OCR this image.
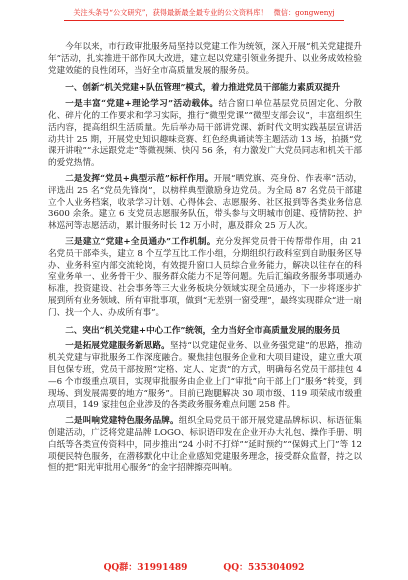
关注头条号“公文研究”，获得最新最全最专业的公文资料库！ 微信：gongwenyj

今年以来，市行政审批服务局坚持以党建工作为统领，深入开展“机关党建提升年”活动，扎实推进干部作风大改进，建立起以党建引领业务提升、以业务成效检验党建效能的良性闭环，当好全市高质量发展的服务员。

一、创新“机关党建+队伍管理”模式，着力推进党员干部能力素质双提升

一是丰富“党建+理论学习”活动载体。结合窗口单位基层党员固定化、分散化、碎片化的工作要求和学习实际，推行“微型党课”“微型支部会议”，丰富组织生活内容，提高组织生活质量。先后举办局干部讲党课、新时代文明实践基层宣讲活动共计 25 期，开展党史知识趣味竞赛、红色经典诵读等主题活动 13 场，拍摄“党课开讲啦”“永远跟党走”等微视频、快闪 56 条，有力激发广大党员同志和机关干部的爱党热情。

二是发挥“党员+典型示范”标杆作用。开展“晒党旗、亮身份、作表率”活动，评选出 25 名“党员先锋岗”，以榜样典型激励身边党员。为全局 87 名党员干部建立个人业务档案，收录学习计划、心得体会、志愿服务、社区报到等各类业务信息 3600 余条。建立 6 支党员志愿服务队伍，带头参与文明城市创建、疫情防控、护林巡河等志愿活动，累计服务时长 12 万小时，惠及群众 25 万人次。

三是建立“党建+全员通办”工作机制。充分发挥党员骨干传帮带作用，由 21 名党员干部牵头，建立 8 个互学互比工作小组，分期组织行政科室到自助服务区导办、业务科室内部交流轮岗，有效提升窗口人员综合业务能力，解决以往存在的科室业务单一、业务骨干少、服务群众能力不足等问题。先后汇编政务服务事项通办标准，投资建设、社会事务等三大业务板块分领域实现全员通办，下一步将逐步扩展到所有业务领域、所有审批事项，做到“无差别一窗受理”，最终实现群众“进一扇门、找一个人、办成所有事”。

二、突出“机关党建+中心工作”统领，全力当好全市高质量发展的服务员

一是拓展党建服务新思路。坚持“以党建促业务、以业务强党建”的思路，推动机关党建与审批服务工作深度融合。聚焦挂包服务企业和大项目建设，建立重大项目包保专班，党员干部按照“定格、定人、定责”的方式，明确每名党员干部挂包 4—6 个市级重点项目，实现审批服务由企业上门“审批”向干部上门“服务”转变，到现场、到发展需要的地方“服务”。目前已跑腿解决 30 项市级、119 项荣成市级重点项目，149 家挂包企业涉及的各类政务服务难点问题 258 件。

二是叫响党建特色服务品牌。组织全局党员干部开展党建品牌标识、标语征集创建活动，广泛将党建品牌 LOGO、标识语印发在企业开办大礼包、操作手册、明白纸等各类宣传资料中，同步推出“24 小时不打烊”“延时预约”“保姆式上门”等 12 项便民特色服务，在潜移默化中让企业感知党建服务理念，接受群众监督，持之以恒的把“阳光审批用心服务”的金字招牌擦亮叫响。

QQ群：31991489	QQ：535304092
